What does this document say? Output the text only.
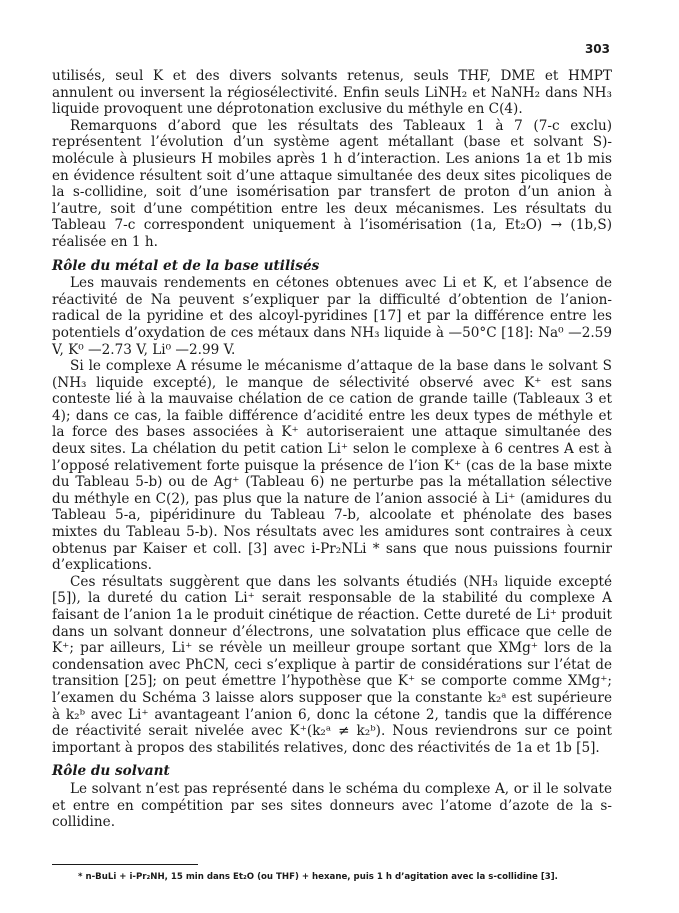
303

utilisés, seul K et des divers solvants retenus, seuls THF, DME et HMPT annulent ou inversent la régiosélectivité. Enfin seuls LiNH₂ et NaNH₂ dans NH₃ liquide provoquent une déprotonation exclusive du méthyle en C(4).

Remarquons d’abord que les résultats des Tableaux 1 à 7 (7-c exclu) représentent l’évolution d’un système agent métallant (base et solvant S)-molécule à plusieurs H mobiles après 1 h d’interaction. Les anions 1a et 1b mis en évidence résultent soit d’une attaque simultanée des deux sites picoliques de la s-collidine, soit d’une isomérisation par transfert de proton d’un anion à l’autre, soit d’une compétition entre les deux mécanismes. Les résultats du Tableau 7-c correspondent uniquement à l’isomérisation (1a, Et₂O) → (1b,S) réalisée en 1 h.

Rôle du métal et de la base utilisés

Les mauvais rendements en cétones obtenues avec Li et K, et l’absence de réactivité de Na peuvent s’expliquer par la difficulté d’obtention de l’anion-radical de la pyridine et des alcoyl-pyridines [17] et par la différence entre les potentiels d’oxydation de ces métaux dans NH₃ liquide à —50°C [18]: Na⁰ —2.59 V, K⁰ —2.73 V, Li⁰ —2.99 V.

Si le complexe A résume le mécanisme d’attaque de la base dans le solvant S (NH₃ liquide excepté), le manque de sélectivité observé avec K⁺ est sans conteste lié à la mauvaise chélation de ce cation de grande taille (Tableaux 3 et 4); dans ce cas, la faible différence d’acidité entre les deux types de méthyle et la force des bases associées à K⁺ autoriseraient une attaque simultanée des deux sites. La chélation du petit cation Li⁺ selon le complexe à 6 centres A est à l’opposé relativement forte puisque la présence de l’ion K⁺ (cas de la base mixte du Tableau 5-b) ou de Ag⁺ (Tableau 6) ne perturbe pas la métallation sélective du méthyle en C(2), pas plus que la nature de l’anion associé à Li⁺ (amidures du Tableau 5-a, pipéridinure du Tableau 7-b, alcoolate et phénolate des bases mixtes du Tableau 5-b). Nos résultats avec les amidures sont contraires à ceux obtenus par Kaiser et coll. [3] avec i-Pr₂NLi * sans que nous puissions fournir d’explications.

Ces résultats suggèrent que dans les solvants étudiés (NH₃ liquide excepté [5]), la dureté du cation Li⁺ serait responsable de la stabilité du complexe A faisant de l’anion 1a le produit cinétique de réaction. Cette dureté de Li⁺ produit dans un solvant donneur d’électrons, une solvatation plus efficace que celle de K⁺; par ailleurs, Li⁺ se révèle un meilleur groupe sortant que XMg⁺ lors de la condensation avec PhCN, ceci s’explique à partir de considérations sur l’état de transition [25]; on peut émettre l’hypothèse que K⁺ se comporte comme XMg⁺; l’examen du Schéma 3 laisse alors supposer que la constante k₂ᵃ est supérieure à k₂ᵇ avec Li⁺ avantageant l’anion 6, donc la cétone 2, tandis que la différence de réactivité serait nivelée avec K⁺(k₂ᵃ ≠ k₂ᵇ). Nous reviendrons sur ce point important à propos des stabilités relatives, donc des réactivités de 1a et 1b [5].

Rôle du solvant

Le solvant n’est pas représenté dans le schéma du complexe A, or il le solvate et entre en compétition par ses sites donneurs avec l’atome d’azote de la s-collidine.

* n-BuLi + i-Pr₂NH, 15 min dans Et₂O (ou THF) + hexane, puis 1 h d’agitation avec la s-collidine [3].
